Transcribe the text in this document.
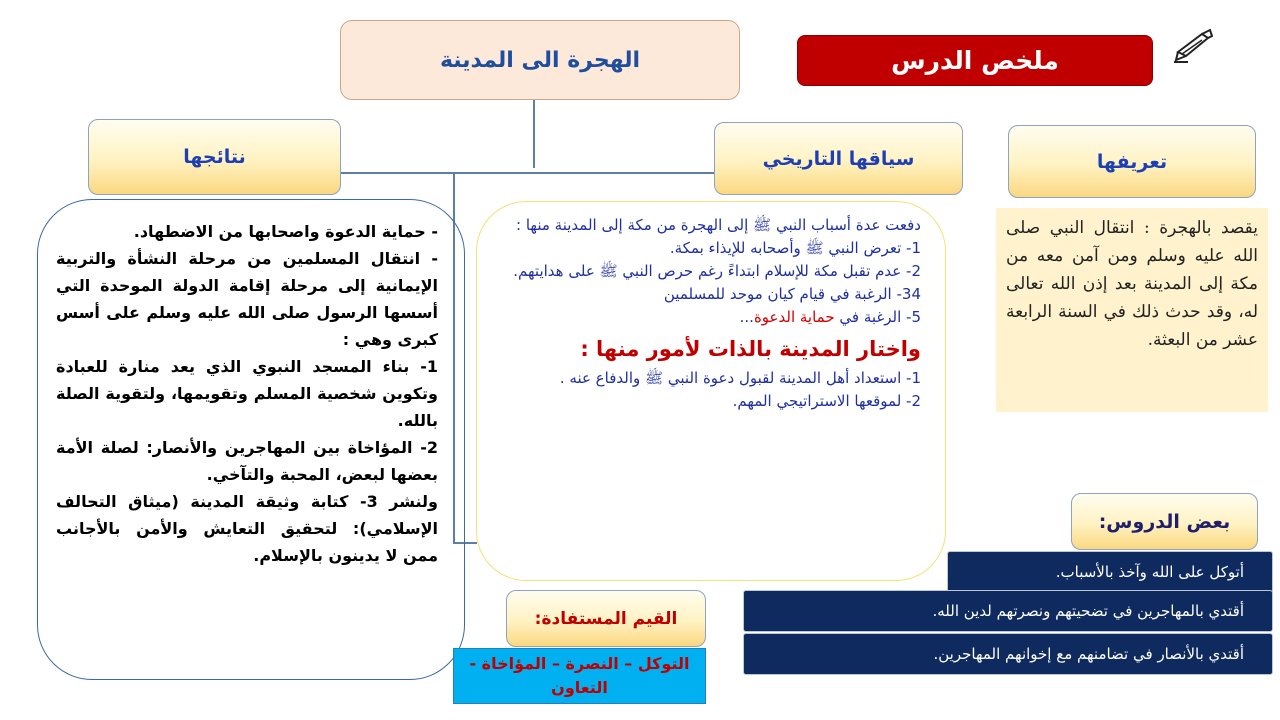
الهجرة الى المدينة	ملخص الدرس
نتائجها	سياقها التاريخي	تعريفها
- حماية الدعوة واصحابها من الاضطهاد.
- انتقال المسلمين من مرحلة النشأة والتربية الإيمانية إلى مرحلة إقامة الدولة الموحدة التي أسسها الرسول صلى الله عليه وسلم على أسس كبرى وهي :
1- بناء المسجد النبوي الذي يعد منارة للعبادة وتكوين شخصية المسلم وتقويمها، ولتقوية الصلة بالله.
2- المؤاخاة بين المهاجرين والأنصار: لصلة الأمة بعضها لبعض، المحبة والتآخي.
ولنشر 3- كتابة وثيقة المدينة (ميثاق التحالف الإسلامي): لتحقيق التعايش والأمن بالأجانب ممن لا يدينون بالإسلام.

دفعت عدة أسباب النبي ﷺ إلى الهجرة من مكة إلى المدينة منها :

1- تعرض النبي ﷺ وأصحابه للإيذاء بمكة.

2- عدم تقبل مكة للإسلام ابتداءً رغم حرص النبي ﷺ على هدايتهم.

34- الرغبة في قيام كيان موحد للمسلمين

5- الرغبة في حماية الدعوة...

واختار المدينة بالذات لأمور منها :

1- استعداد أهل المدينة لقبول دعوة النبي ﷺ والدفاع عنه .

2- لموقعها الاستراتيجي المهم.

يقصد بالهجرة : انتقال النبي صلى الله عليه وسلم ومن آمن معه من مكة إلى المدينة بعد إذن الله تعالى له، وقد حدث ذلك في السنة الرابعة عشر من البعثة.
بعض الدروس:
أتوكل على الله وآخذ بالأسباب.
أقتدي بالمهاجرين في تضحيتهم ونصرتهم لدين الله.
أقتدي بالأنصار في تضامنهم مع إخوانهم المهاجرين.
القيم المستفادة:
التوكل – النصرة – المؤاخاة - التعاون
